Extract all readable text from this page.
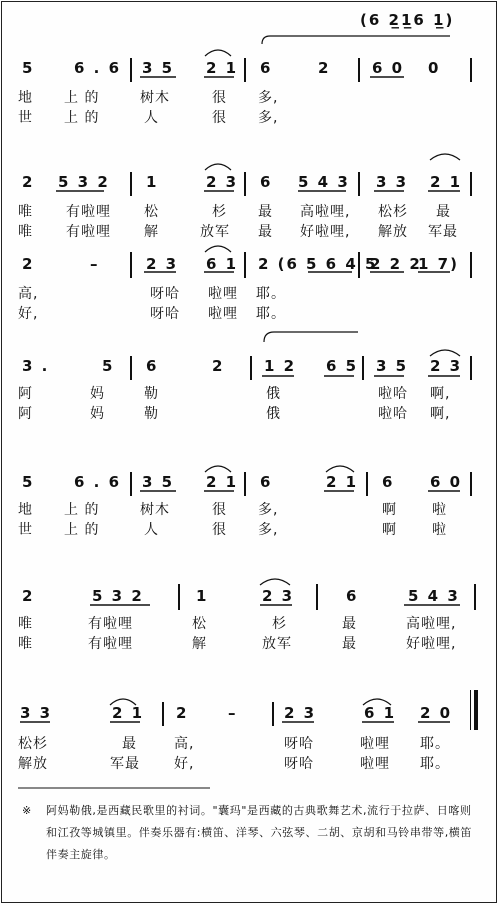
(6 2̲1̲6 1̲)
5	6 . 6 3 5 2 1 6	2	6 0 0
地 上 的	树木	很 多,
世 上 的	人	很 多,
2 5 3 2 1	2 3 6 5 4 3 3 3 2 1
唯 有啦哩 松	杉 最 高啦哩, 松杉 最
唯 有啦哩 解	放军 最 好啦哩, 解放 军最
2	–	2 3 6 1 2 (6 5 6 4 5
2 2 2
1 7)
高,	呀哈 啦哩 耶。
好,	呀哈 啦哩 耶。
3 .	5 6	2	1 2 6 5 3 5 2 3
阿	妈	勒	俄	啦哈 啊,
阿	妈	勒	俄	啦哈 啊,
5	6 . 6 3 5 2 1 6	2 1 6 6 0
地 上 的	树木	很 多,	啊	啦
世 上 的	人	很 多,	啊	啦
2	5 3 2	1	2 3	6	5 4 3
唯	有啦哩	松	杉	最	高啦哩,
唯	有啦哩	解	放军	最	好啦哩,
3 3	2 1 2	–	2 3	6 1 2 0
松杉	最	高,	呀哈	啦哩 耶。
解放	军最 好,	呀哈	啦哩 耶。
※	阿妈勒俄,是西藏民歌里的衬词。"囊玛"是西藏的古典歌舞艺术,流行于拉萨、日喀则和江孜等城镇里。伴奏乐器有:横笛、洋琴、六弦琴、二胡、京胡和马铃串带等,横笛伴奏主旋律。
